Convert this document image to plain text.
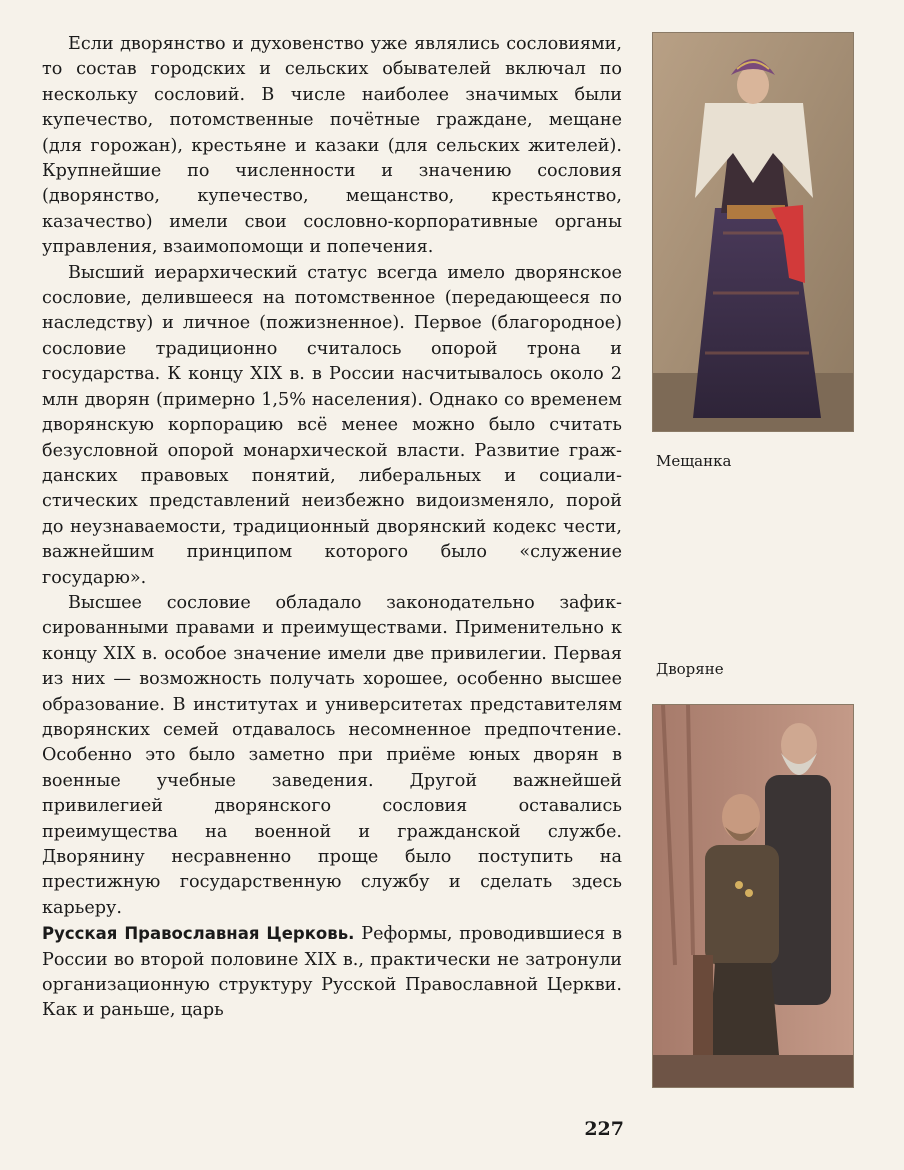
Если дворянство и духовенство уже являлись сословиями, то состав городских и сельских обывателей включал по нескольку сословий. В числе наиболее значимых были купечество, потомственные почётные граждане, мещане (для горожан), крестьяне и казаки (для сельских жителей). Крупнейшие по численности и значению сословия (дворянство, купечество, мещанство, крестьянство, казачество) имели свои сословно-корпоративные органы управления, взаимопомощи и попечения.

Высший иерархический статус всегда имело дворянское сословие, делившееся на потомственное (передающееся по наследству) и личное (пожизненное). Первое (благородное) сословие традиционно считалось опорой трона и государства. К концу XIX в. в России насчитывалось около 2 млн дворян (примерно 1,5% населения). Однако со временем дворянскую корпорацию всё менее можно было считать безусловной опорой монархической власти. Развитие гражданских правовых понятий, либеральных и социалистических представлений неизбежно видоизменяло, порой до неузнаваемости, традиционный дворянский кодекс чести, важнейшим принципом которого было «служение государю».

Высшее сословие обладало законодательно зафиксированными правами и преимуществами. Применительно к концу XIX в. особое значение имели две привилегии. Первая из них — возможность получать хорошее, особенно высшее образование. В институтах и университетах представителям дворянских семей отдавалось несомненное предпочтение. Особенно это было заметно при приёме юных дворян в военные учебные заведения. Другой важнейшей привилегией дворянского сословия оставались преимущества на военной и гражданской службе. Дворянину несравненно проще было поступить на престижную государственную службу и сделать здесь карьеру.

Русская Православная Церковь. Реформы, проводившиеся в России во второй половине XIX в., практически не затронули организационную структуру Русской Православной Церкви. Как и раньше, царь

Мещанка
Дворяне
227
